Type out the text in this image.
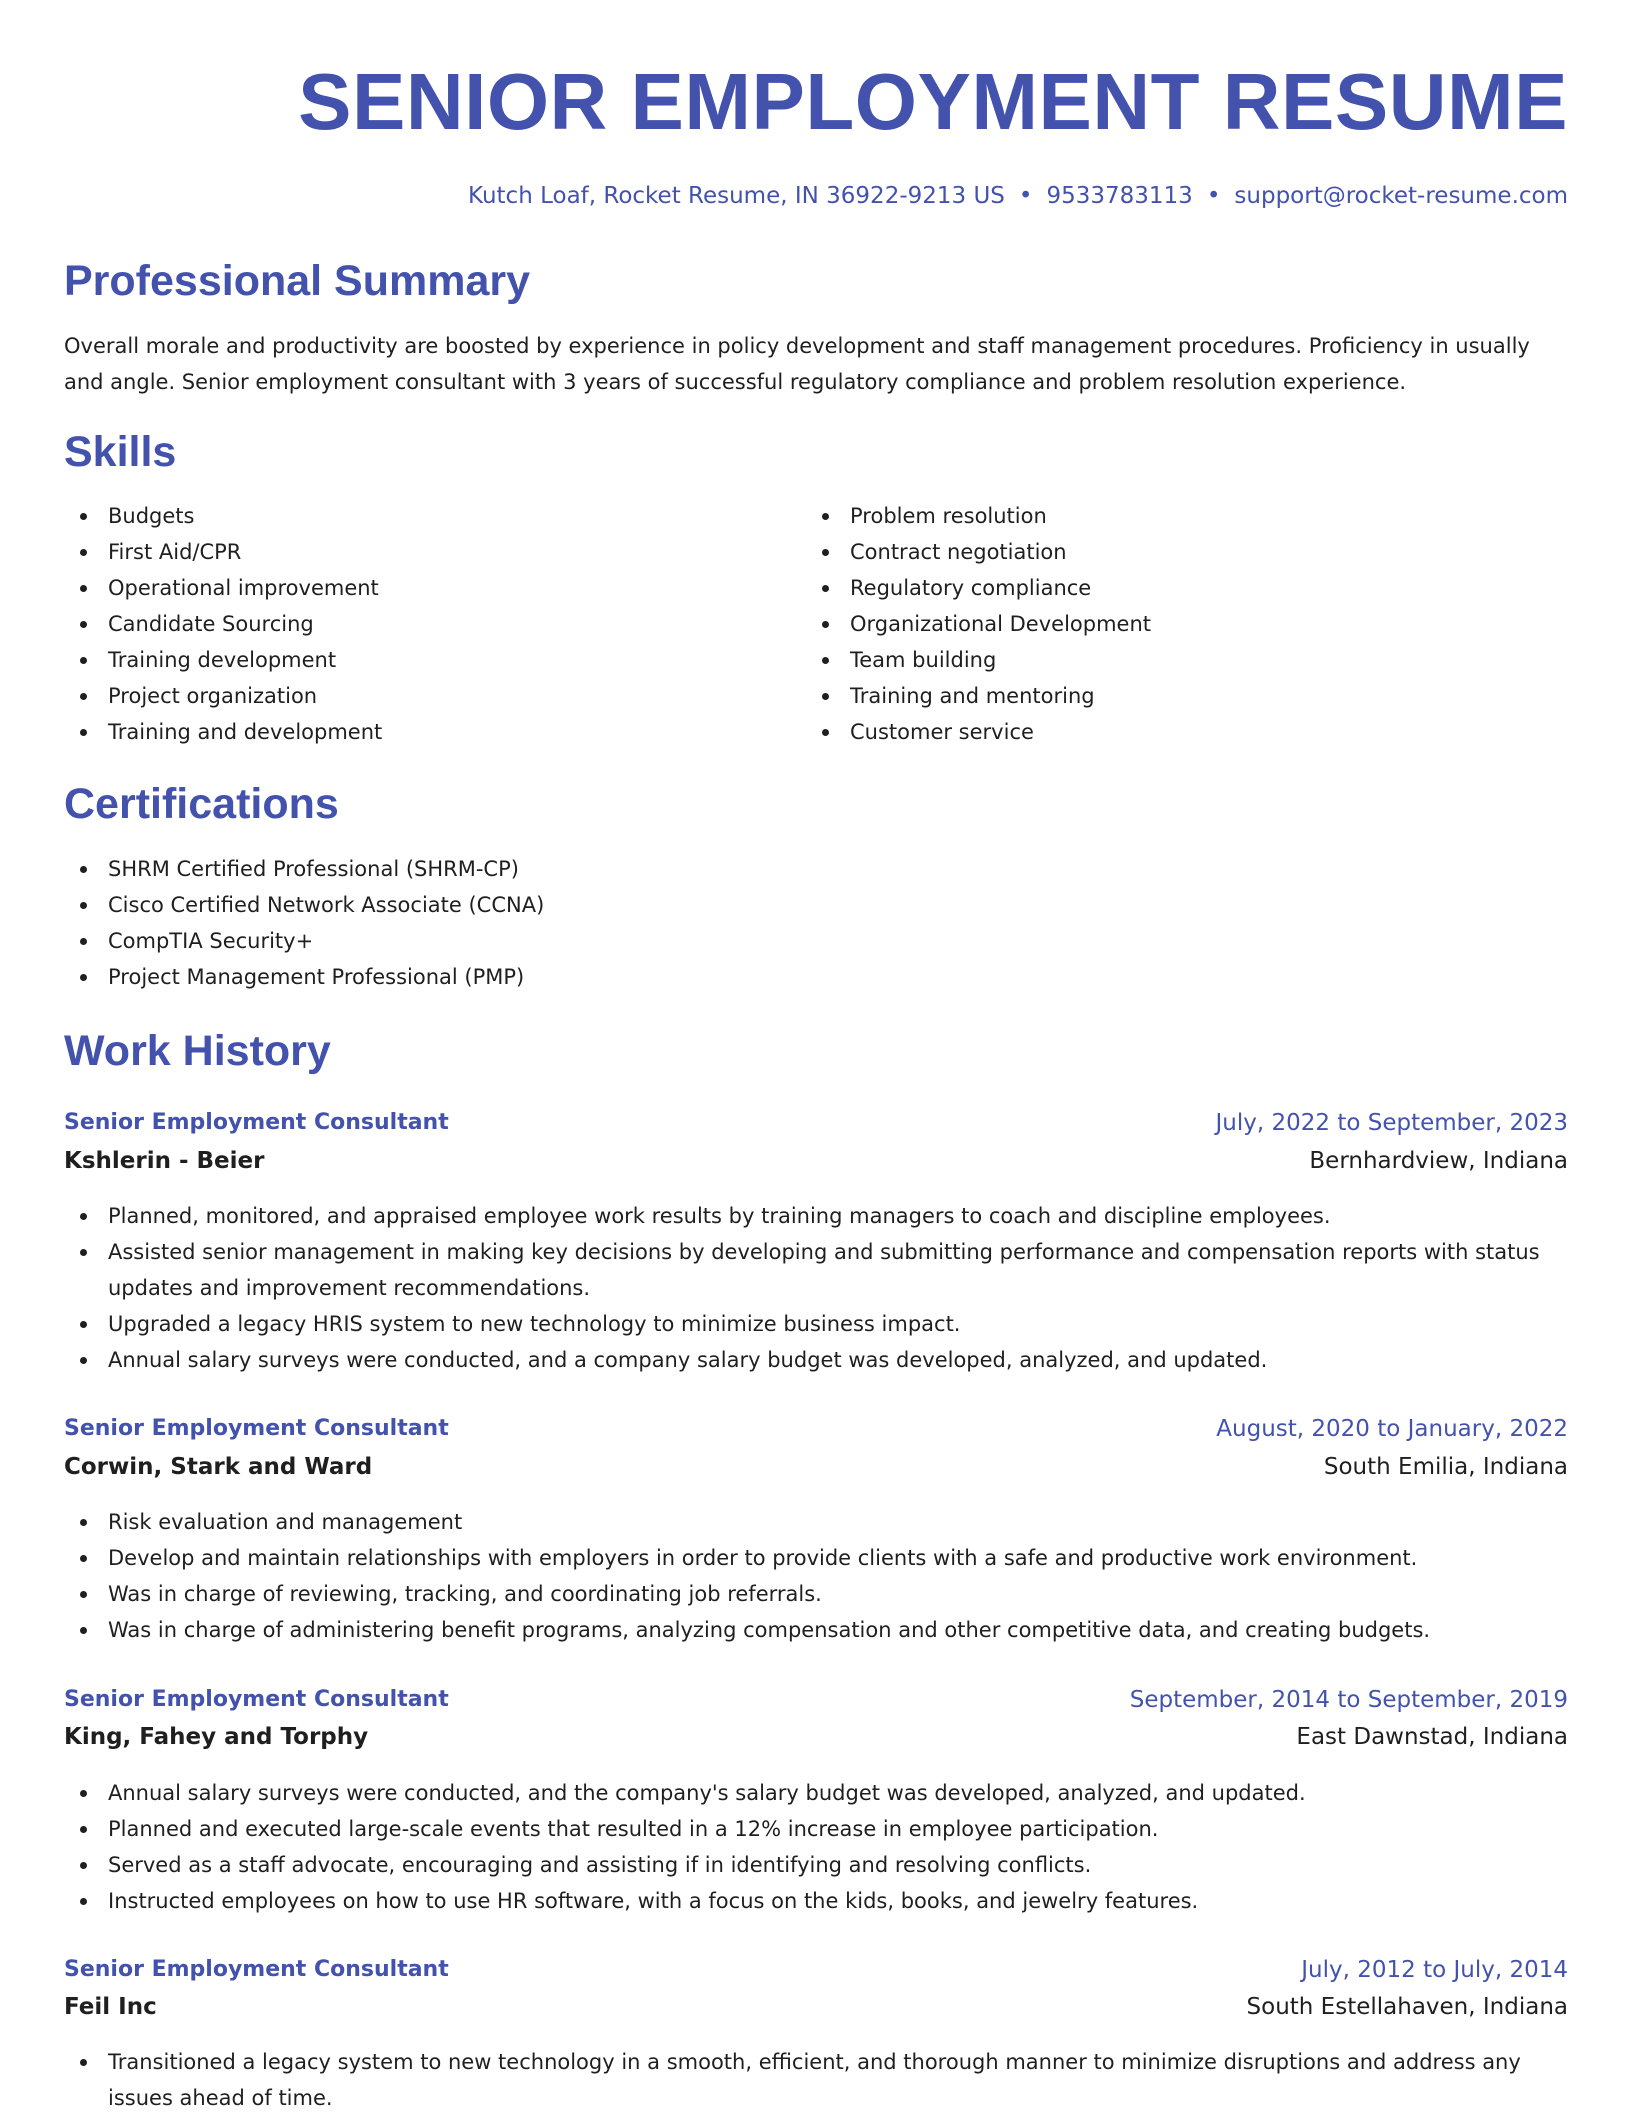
SENIOR EMPLOYMENT RESUME
Kutch Loaf, Rocket Resume, IN 36922-9213 US • 9533783113 • support@rocket-resume.com
Professional Summary

Overall morale and productivity are boosted by experience in policy development and staff management procedures. Proficiency in usually and angle. Senior employment consultant with 3 years of successful regulatory compliance and problem resolution experience.

Skills
Budgets
First Aid/CPR
Operational improvement
Candidate Sourcing
Training development
Project organization
Training and development
Problem resolution
Contract negotiation
Regulatory compliance
Organizational Development
Team building
Training and mentoring
Customer service
Certifications
SHRM Certified Professional (SHRM-CP)
Cisco Certified Network Associate (CCNA)
CompTIA Security+
Project Management Professional (PMP)
Work History
Senior Employment Consultant	July, 2022 to September, 2023
Kshlerin - Beier	Bernhardview, Indiana
Planned, monitored, and appraised employee work results by training managers to coach and discipline employees.
Assisted senior management in making key decisions by developing and submitting performance and compensation reports with status updates and improvement recommendations.
Upgraded a legacy HRIS system to new technology to minimize business impact.
Annual salary surveys were conducted, and a company salary budget was developed, analyzed, and updated.
Senior Employment Consultant	August, 2020 to January, 2022
Corwin, Stark and Ward	South Emilia, Indiana
Risk evaluation and management
Develop and maintain relationships with employers in order to provide clients with a safe and productive work environment.
Was in charge of reviewing, tracking, and coordinating job referrals.
Was in charge of administering benefit programs, analyzing compensation and other competitive data, and creating budgets.
Senior Employment Consultant	September, 2014 to September, 2019
King, Fahey and Torphy	East Dawnstad, Indiana
Annual salary surveys were conducted, and the company's salary budget was developed, analyzed, and updated.
Planned and executed large-scale events that resulted in a 12% increase in employee participation.
Served as a staff advocate, encouraging and assisting if in identifying and resolving conflicts.
Instructed employees on how to use HR software, with a focus on the kids, books, and jewelry features.
Senior Employment Consultant	July, 2012 to July, 2014
Feil Inc	South Estellahaven, Indiana
Transitioned a legacy system to new technology in a smooth, efficient, and thorough manner to minimize disruptions and address any issues ahead of time.
